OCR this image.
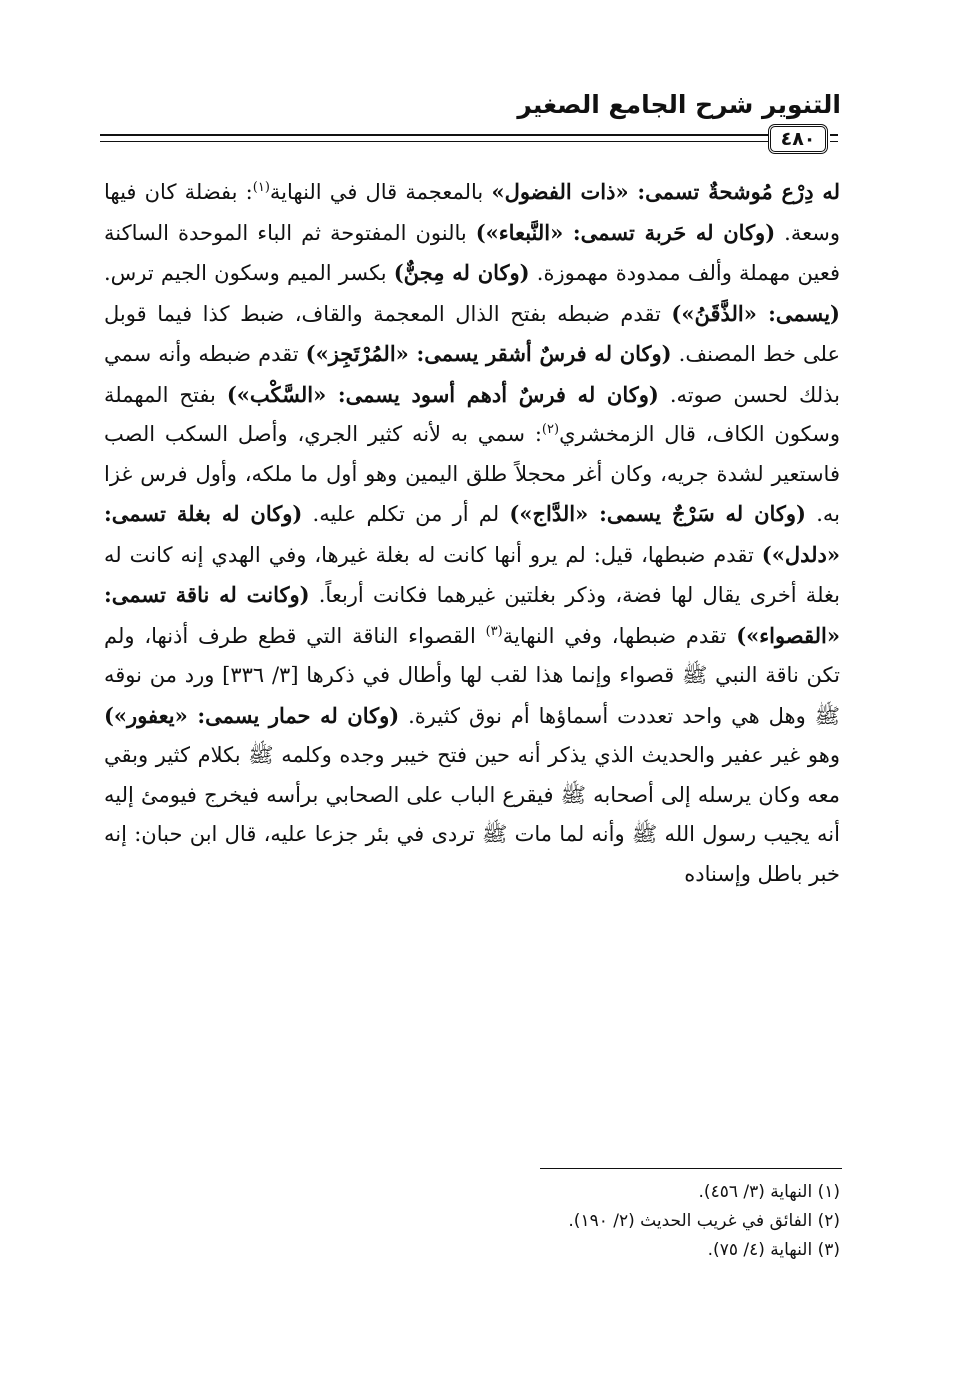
التنوير شرح الجامع الصغير
٤٨٠

له دِرْع مُوشحةٌ تسمى: «ذات الفضول» بالمعجمة قال في النهاية$^{(١)}$: بفضلة كان فيها وسعة. (وكان له حَربة تسمى: «النَّبعاء») بالنون المفتوحة ثم الباء الموحدة الساكنة فعين مهملة وألف ممدودة مهموزة. (وكان له مِجنٌّ) بكسر الميم وسكون الجيم ترس. (يسمى: «الذَّقَنُ») تقدم ضبطه بفتح الذال المعجمة والقاف، ضبط كذا فيما قوبل على خط المصنف. (وكان له فرسٌ أشقر يسمى: «المُرْتَجِز») تقدم ضبطه وأنه سمي بذلك لحسن صوته. (وكان له فرسٌ أدهم أسود يسمى: «السَّكْب») بفتح المهملة وسكون الكاف، قال الزمخشري$^{(٢)}$: سمي به لأنه كثير الجري، وأصل السكب الصب فاستعير لشدة جريه، وكان أغر محجلاً طلق اليمين وهو أول ما ملكه، وأول فرس غزا به. (وكان له سَرْجٌ يسمى: «الدَّاج») لم أر من تكلم عليه. (وكان له بغلة تسمى: «دلدل») تقدم ضبطها، قيل: لم يرو أنها كانت له بغلة غيرها، وفي الهدي إنه كانت له بغلة أخرى يقال لها فضة، وذكر بغلتين غيرهما فكانت أربعاً. (وكانت له ناقة تسمى: «القصواء») تقدم ضبطها، وفي النهاية$^{(٣)}$ القصواء الناقة التي قطع طرف أذنها، ولم تكن ناقة النبي ﷺ قصواء وإنما هذا لقب لها وأطال في ذكرها [٣/ ٣٣٦] ورد من نوقه ﷺ وهل هي واحد تعددت أسماؤها أم نوق كثيرة. (وكان له حمار يسمى: «يعفور») وهو غير عفير والحديث الذي يذكر أنه حين فتح خيبر وجده وكلمه ﷺ بكلام كثير وبقي معه وكان يرسله إلى أصحابه ﷺ فيقرع الباب على الصحابي برأسه فيخرج فيومئ إليه أنه يجيب رسول الله ﷺ وأنه لما مات ﷺ تردى في بئر جزعا عليه، قال ابن حبان: إنه خبر باطل وإسناده

(١) النهاية (٣/ ٤٥٦).
(٢) الفائق في غريب الحديث (٢/ ١٩٠).
(٣) النهاية (٤/ ٧٥).
